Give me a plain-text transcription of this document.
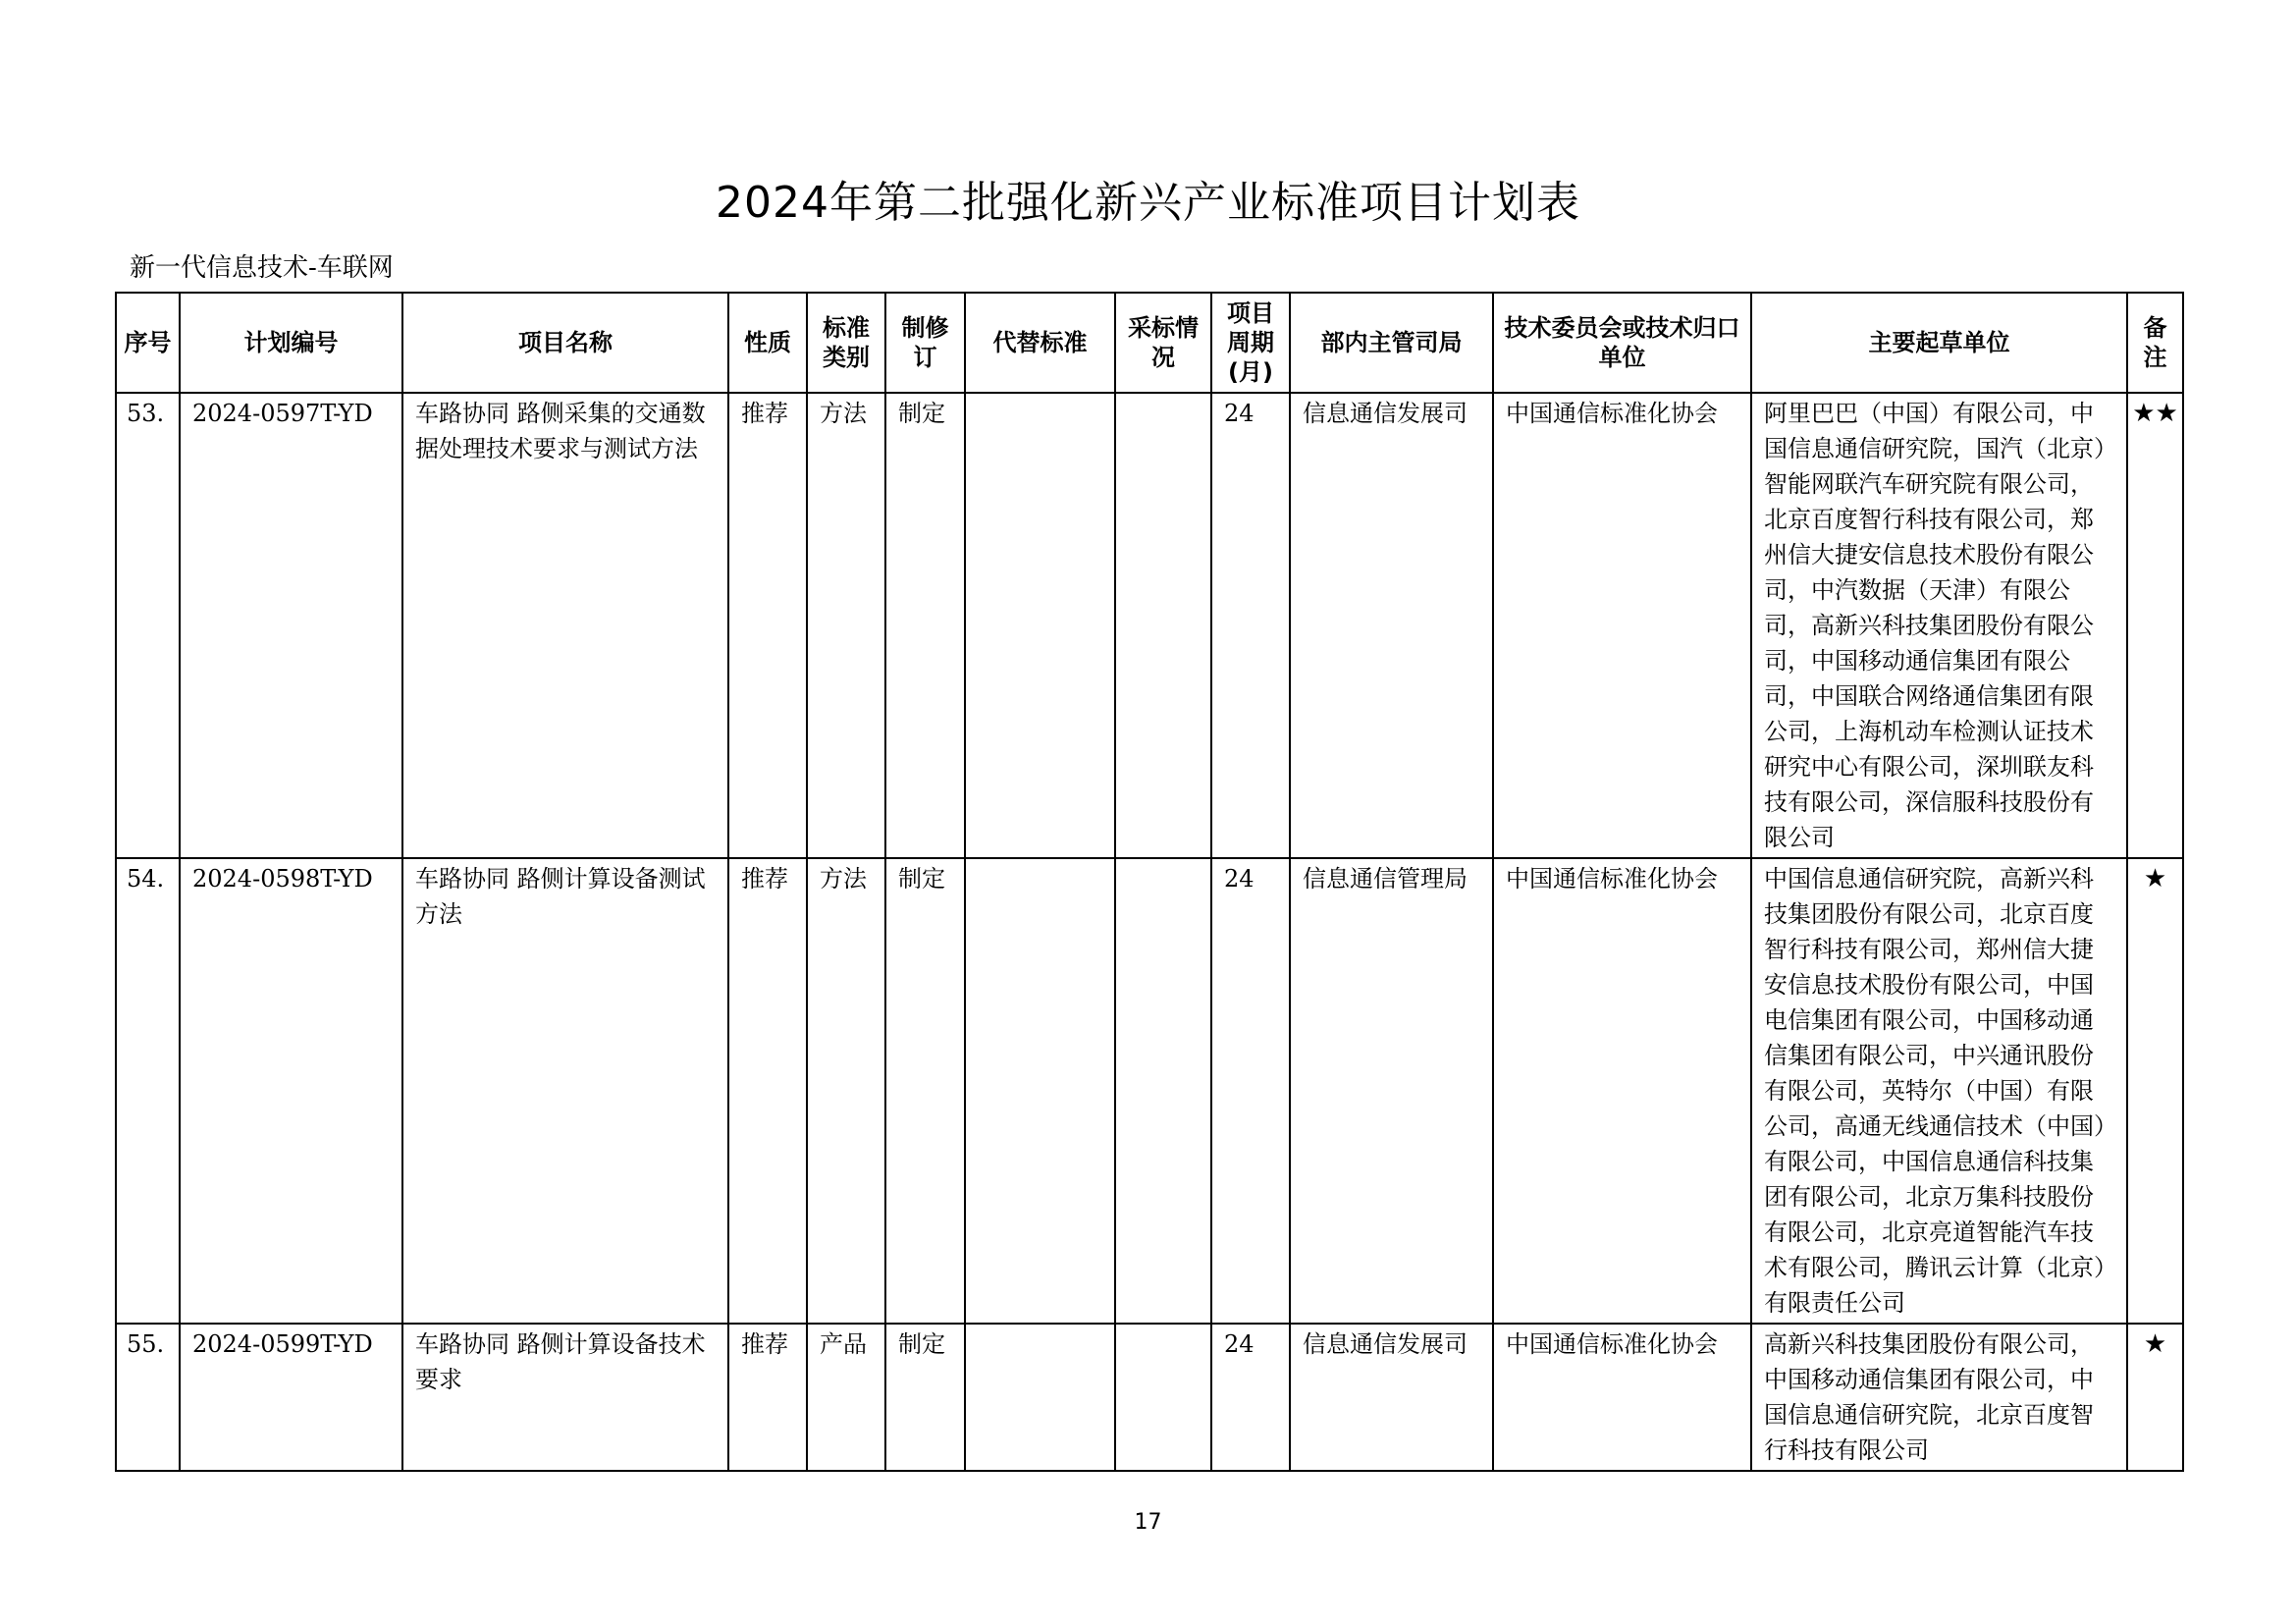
2024年第二批强化新兴产业标准项目计划表
新一代信息技术-车联网
序号	计划编号	项目名称	性质	标准类别	制修订	代替标准	采标情况	项目周期(月)	部内主管司局	技术委员会或技术归口单位	主要起草单位	备注
53.	2024-0597T-YD	车路协同 路侧采集的交通数据处理技术要求与测试方法	推荐	方法	制定			24	信息通信发展司	中国通信标准化协会	阿里巴巴（中国）有限公司，中国信息通信研究院，国汽（北京）智能网联汽车研究院有限公司，北京百度智行科技有限公司，郑州信大捷安信息技术股份有限公司，中汽数据（天津）有限公司，高新兴科技集团股份有限公司，中国移动通信集团有限公司，中国联合网络通信集团有限公司，上海机动车检测认证技术研究中心有限公司，深圳联友科技有限公司，深信服科技股份有限公司	★★
54.	2024-0598T-YD	车路协同 路侧计算设备测试方法	推荐	方法	制定			24	信息通信管理局	中国通信标准化协会	中国信息通信研究院，高新兴科技集团股份有限公司，北京百度智行科技有限公司，郑州信大捷安信息技术股份有限公司，中国电信集团有限公司，中国移动通信集团有限公司，中兴通讯股份有限公司，英特尔（中国）有限公司，高通无线通信技术（中国）有限公司，中国信息通信科技集团有限公司，北京万集科技股份有限公司，北京亮道智能汽车技术有限公司，腾讯云计算（北京）有限责任公司	★
55.	2024-0599T-YD	车路协同 路侧计算设备技术要求	推荐	产品	制定			24	信息通信发展司	中国通信标准化协会	高新兴科技集团股份有限公司，中国移动通信集团有限公司，中国信息通信研究院，北京百度智行科技有限公司	★
17
